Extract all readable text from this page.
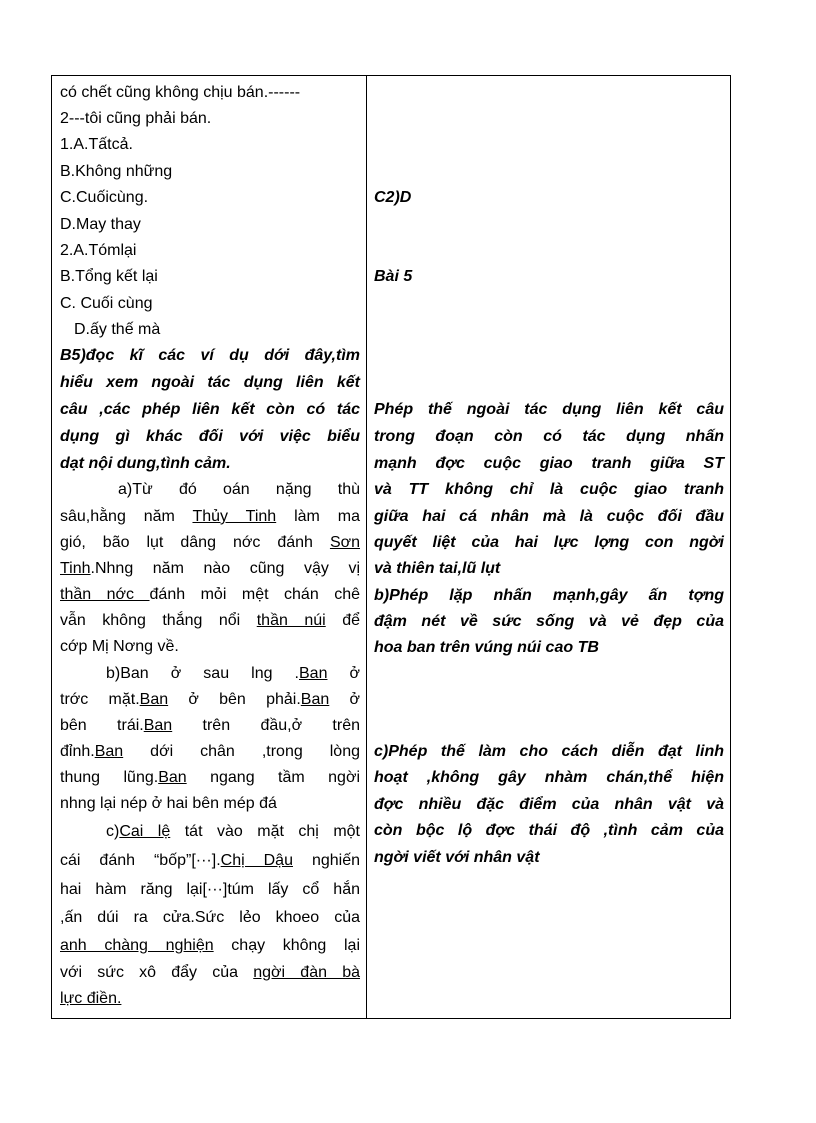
có chết cũng không chịu bán.------
2---tôi cũng phải bán.
1.A.Tấtcả.
B.Không những
C.Cuốicùng.
D.May thay
2.A.Tómlại
B.Tổng kết lại
C. Cuối cùng
D.ấy thế mà
B5)đọc kĩ các ví dụ dới đây,tìm
hiểu xem ngoài tác dụng liên kết
câu ,các phép liên kết còn có tác
dụng gì khác đối với việc biểu
dạt nội dung,tình cảm.
a)Từ đó oán nặng thù
sâu,hằng năm Thủy Tinh làm ma
gió, bão lụt dâng nớc đánh Sơn
Tinh.Nhng năm nào cũng vậy vị
thần nớc đánh mỏi mệt chán chê
vẫn không thắng nổi thần núi để
cớp Mị Nơng về.
b)Ban ở sau lng .Ban ở
trớc mặt.Ban ở bên phải.Ban ở
bên trái.Ban trên đầu,ở trên
đỉnh.Ban dới chân ,trong lòng
thung lũng.Ban ngang tầm ngời
nhng lại nép ở hai bên mép đá
c)Cai lệ tát vào mặt chị một
cái đánh “bốp”[···].Chị Dậu nghiến
hai hàm răng lại[···]túm lấy cổ hắn
,ấn dúi ra cửa.Sức lẻo khoeo của
anh chàng nghiện chạy không lại
với sức xô đẩy của ngời đàn bà
lực điền.
C2)D
Bài 5
Phép thế ngoài tác dụng liên kết câu
trong đoạn còn có tác dụng nhấn
mạnh đợc cuộc giao tranh giữa ST
và TT không chỉ là cuộc giao tranh
giữa hai cá nhân mà là cuộc đối đầu
quyết liệt của hai lực lợng con ngời
và thiên tai,lũ lụt
b)Phép lặp nhấn mạnh,gây ấn tợng
đậm nét về sức sống và vẻ đẹp của
hoa ban trên vúng núi cao TB
c)Phép thế làm cho cách diễn đạt linh
hoạt ,không gây nhàm chán,thể hiện
đợc nhiều đặc điểm của nhân vật và
còn bộc lộ đợc thái độ ,tình cảm của
ngời viết với nhân vật
